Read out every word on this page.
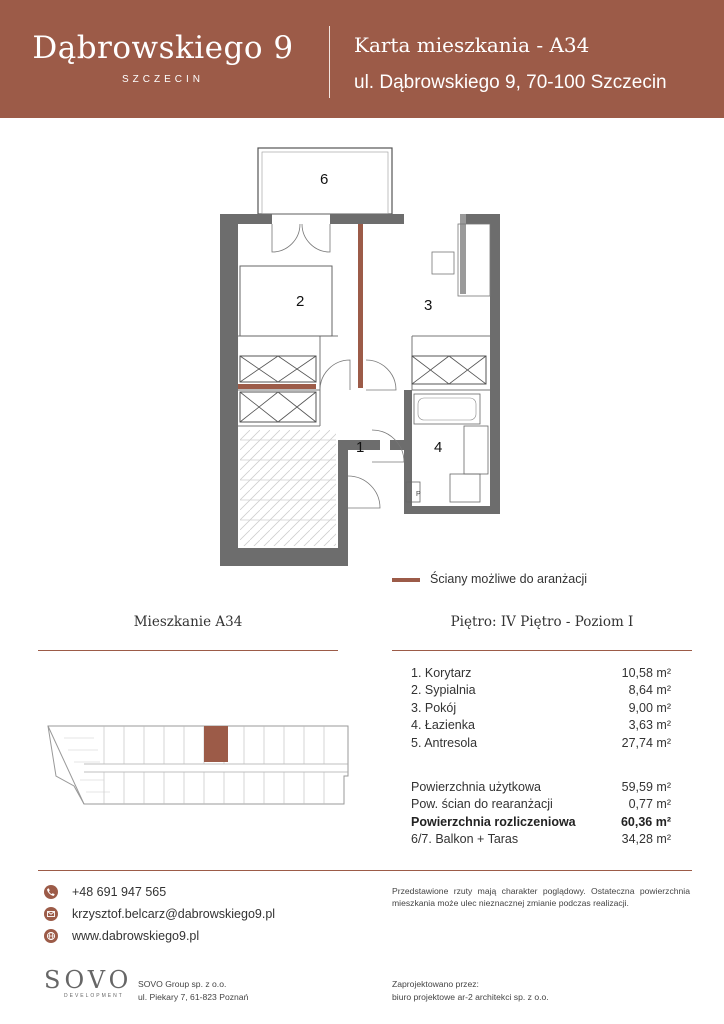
Dąbrowskiego 9
SZCZECIN
Karta mieszkania - A34
ul. Dąbrowskiego 9, 70-100 Szczecin
6
2	3
1	4
P
Ściany możliwe do aranżacji
Mieszkanie A34	Piętro: IV Piętro - Poziom I
1. Korytarz	10,58 m²
2. Sypialnia	8,64 m²
3. Pokój	9,00 m²
4. Łazienka	3,63 m²
5. Antresola	27,74 m²
Powierzchnia użytkowa	59,59 m²
Pow. ścian do rearanżacji	0,77 m²
Powierzchnia rozliczeniowa	60,36 m²
6/7. Balkon + Taras	34,28 m²
+48 691 947 565
krzysztof.belcarz@dabrowskiego9.pl
www.dabrowskiego9.pl
Przedstawione rzuty mają charakter poglądowy. Ostateczna powierzchnia mieszkania może ulec nieznacznej zmianie podczas realizacji.
SOVO
DEVELOPMENT
SOVO Group sp. z o.o.
ul. Piekary 7, 61-823 Poznań
Zaprojektowano przez:
biuro projektowe ar-2 architekci sp. z o.o.
